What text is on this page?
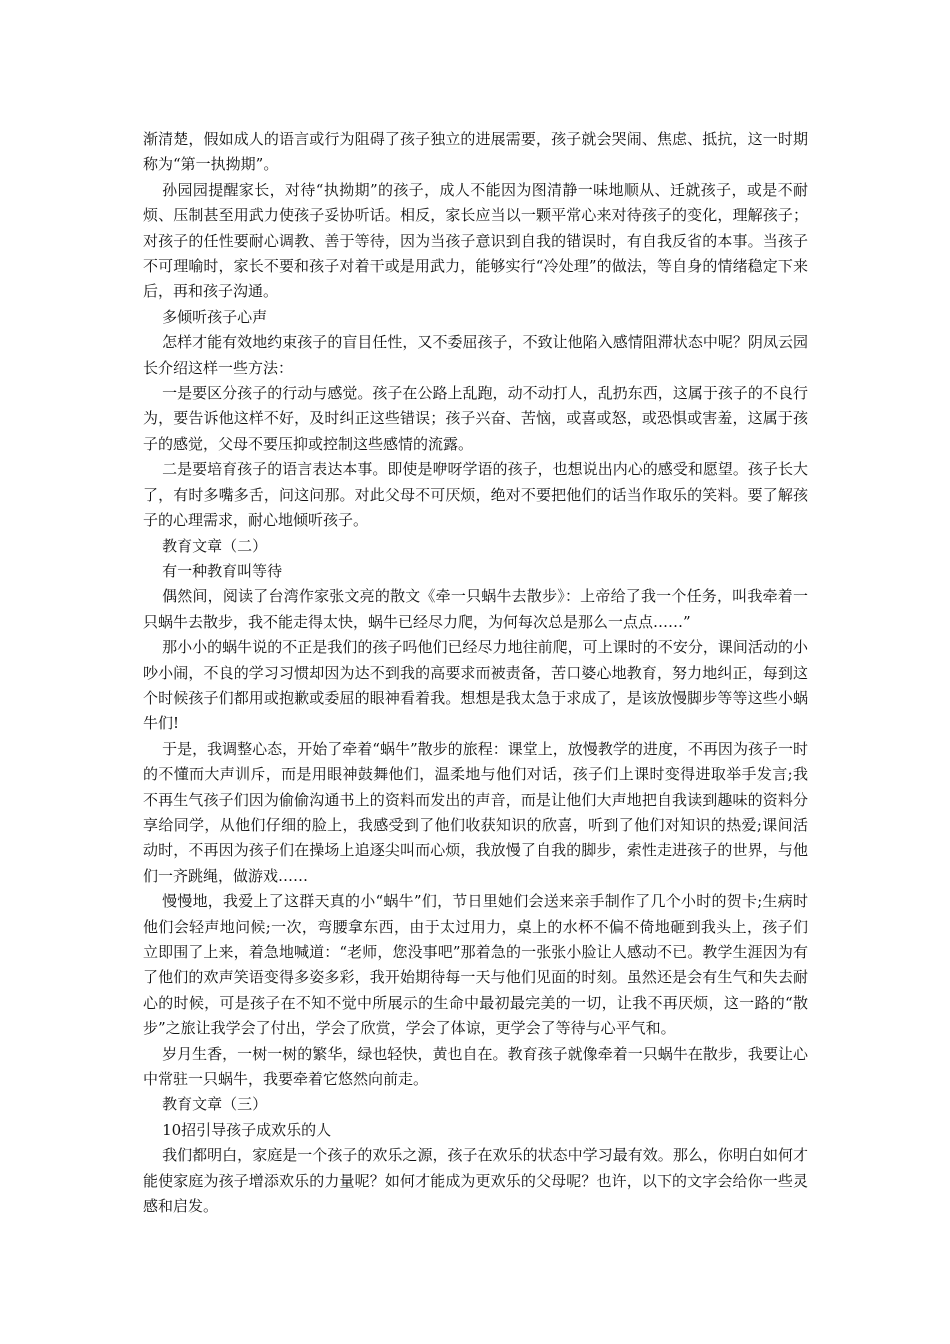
渐清楚，假如成人的语言或行为阻碍了孩子独立的进展需要，孩子就会哭闹、焦虑、抵抗，这一时期称为“第一执拗期”。

孙园园提醒家长，对待“执拗期”的孩子，成人不能因为图清静一味地顺从、迁就孩子，或是不耐烦、压制甚至用武力使孩子妥协听话。相反，家长应当以一颗平常心来对待孩子的变化，理解孩子；对孩子的任性要耐心调教、善于等待，因为当孩子意识到自我的错误时，有自我反省的本事。当孩子不可理喻时，家长不要和孩子对着干或是用武力，能够实行“冷处理”的做法，等自身的情绪稳定下来后，再和孩子沟通。

多倾听孩子心声

怎样才能有效地约束孩子的盲目任性，又不委屈孩子，不致让他陷入感情阻滞状态中呢？阴凤云园长介绍这样一些方法：

一是要区分孩子的行动与感觉。孩子在公路上乱跑，动不动打人，乱扔东西，这属于孩子的不良行为，要告诉他这样不好，及时纠正这些错误；孩子兴奋、苦恼，或喜或怒，或恐惧或害羞，这属于孩子的感觉，父母不要压抑或控制这些感情的流露。

二是要培育孩子的语言表达本事。即使是咿呀学语的孩子，也想说出内心的感受和愿望。孩子长大了，有时多嘴多舌，问这问那。对此父母不可厌烦，绝对不要把他们的话当作取乐的笑料。要了解孩子的心理需求，耐心地倾听孩子。

教育文章（二）

有一种教育叫等待

偶然间，阅读了台湾作家张文亮的散文《牵一只蜗牛去散步》：上帝给了我一个任务，叫我牵着一只蜗牛去散步，我不能走得太快，蜗牛已经尽力爬，为何每次总是那么一点点……”

那小小的蜗牛说的不正是我们的孩子吗他们已经尽力地往前爬，可上课时的不安分，课间活动的小吵小闹，不良的学习习惯却因为达不到我的高要求而被责备，苦口婆心地教育，努力地纠正，每到这个时候孩子们都用或抱歉或委屈的眼神看着我。想想是我太急于求成了，是该放慢脚步等等这些小蜗牛们!

于是，我调整心态，开始了牵着“蜗牛”散步的旅程：课堂上，放慢教学的进度，不再因为孩子一时的不懂而大声训斥，而是用眼神鼓舞他们，温柔地与他们对话，孩子们上课时变得进取举手发言;我不再生气孩子们因为偷偷沟通书上的资料而发出的声音，而是让他们大声地把自我读到趣味的资料分享给同学，从他们仔细的脸上，我感受到了他们收获知识的欣喜，听到了他们对知识的热爱;课间活动时，不再因为孩子们在操场上追逐尖叫而心烦，我放慢了自我的脚步，索性走进孩子的世界，与他们一齐跳绳，做游戏……

慢慢地，我爱上了这群天真的小“蜗牛”们，节日里她们会送来亲手制作了几个小时的贺卡;生病时他们会轻声地问候;一次，弯腰拿东西，由于太过用力，桌上的水杯不偏不倚地砸到我头上，孩子们立即围了上来，着急地喊道：“老师，您没事吧”那着急的一张张小脸让人感动不已。教学生涯因为有了他们的欢声笑语变得多姿多彩，我开始期待每一天与他们见面的时刻。虽然还是会有生气和失去耐心的时候，可是孩子在不知不觉中所展示的生命中最初最完美的一切，让我不再厌烦，这一路的“散步”之旅让我学会了付出，学会了欣赏，学会了体谅，更学会了等待与心平气和。

岁月生香，一树一树的繁华，绿也轻快，黄也自在。教育孩子就像牵着一只蜗牛在散步，我要让心中常驻一只蜗牛，我要牵着它悠然向前走。

教育文章（三）

10招引导孩子成欢乐的人

我们都明白，家庭是一个孩子的欢乐之源，孩子在欢乐的状态中学习最有效。那么，你明白如何才能使家庭为孩子增添欢乐的力量呢？如何才能成为更欢乐的父母呢？也许，以下的文字会给你一些灵感和启发。
